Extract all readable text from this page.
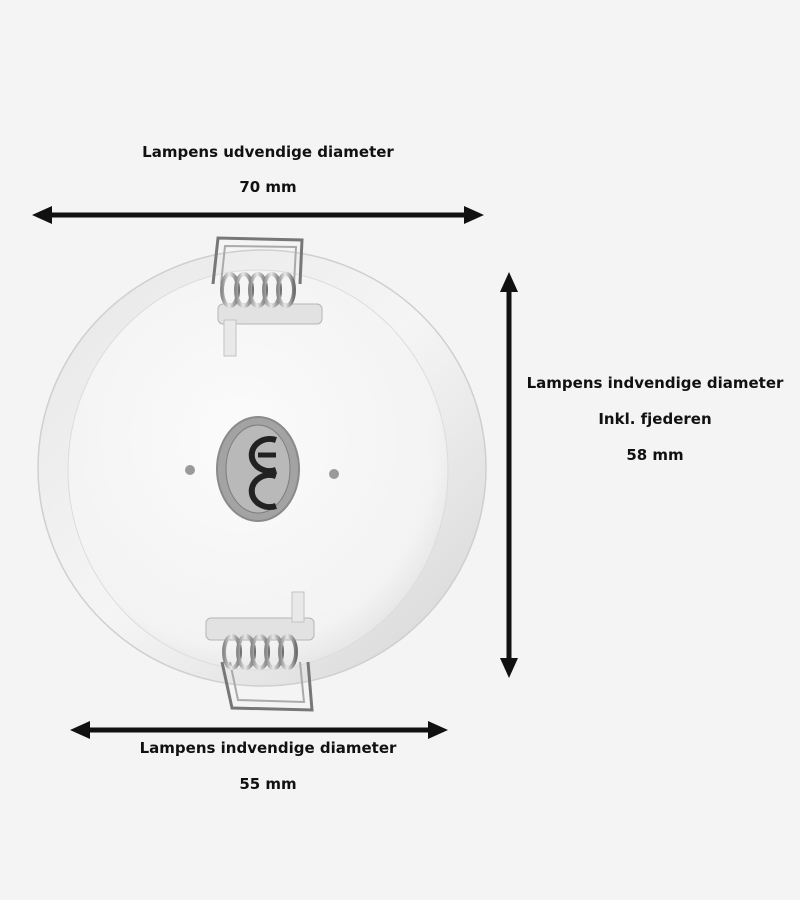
Lampens udvendige diameter
70 mm
Lampens indvendige diameter
Inkl. fjederen
58 mm
Lampens indvendige diameter
55 mm
